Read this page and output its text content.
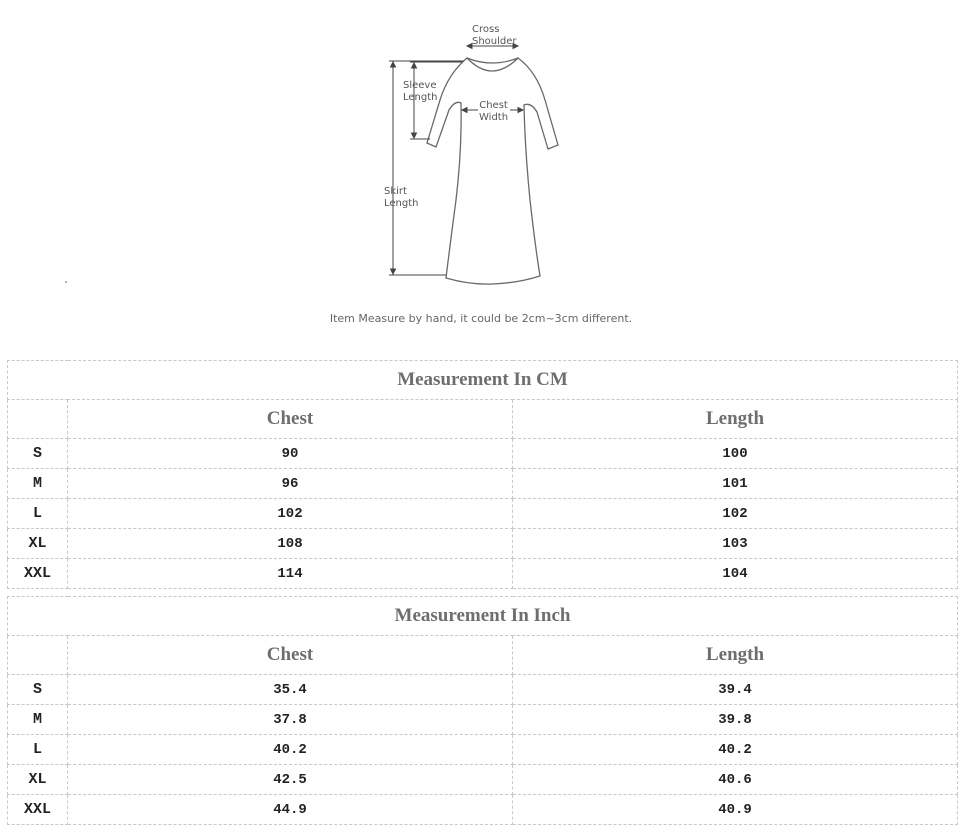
Cross
Shoulder
Sleeve
Length
Chest
Width
Skirt
Length
Item Measure by hand, it could be 2cm~3cm different.
Measurement In CM		
	Chest	Length
S	90	100
M	96	101
L	102	102
XL	108	103
XXL	114	104
Measurement In Inch		
	Chest	Length
S	35.4	39.4
M	37.8	39.8
L	40.2	40.2
XL	42.5	40.6
XXL	44.9	40.9
